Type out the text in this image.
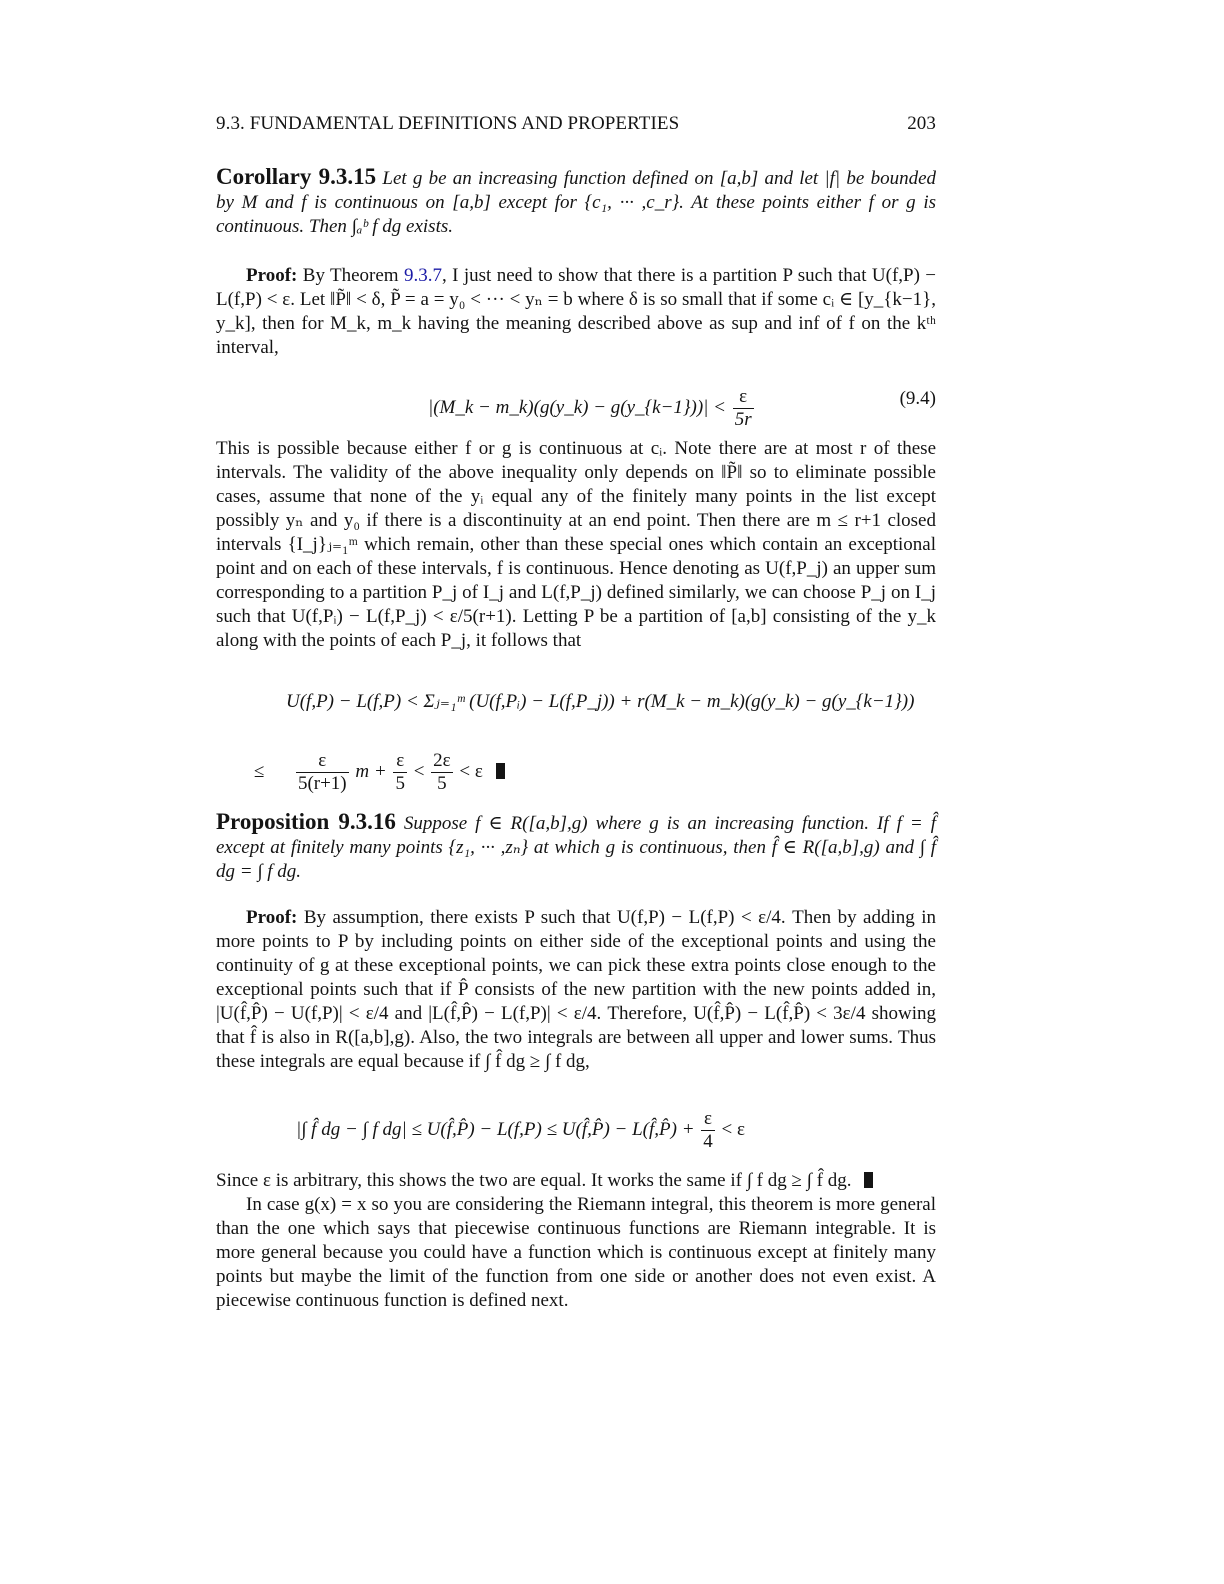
9.3. FUNDAMENTAL DEFINITIONS AND PROPERTIES	203

Corollary 9.3.15 Let g be an increasing function defined on [a,b] and let |f| be bounded by M and f is continuous on [a,b] except for {c₁, ··· ,c_r}. At these points either f or g is continuous. Then ∫ₐᵇ f dg exists.

Proof: By Theorem 9.3.7, I just need to show that there is a partition P such that U(f,P) − L(f,P) < ε. Let ‖P̃‖ < δ, P̃ = a = y₀ < ··· < yₙ = b where δ is so small that if some cᵢ ∈ [y_{k−1}, y_k], then for M_k, m_k having the meaning described above as sup and inf of f on the kᵗʰ interval,

|(M_k − m_k)(g(y_k) − g(y_{k−1}))| < $\frac{\varepsilon}{5r}$	(9.4)

This is possible because either f or g is continuous at cᵢ. Note there are at most r of these intervals. The validity of the above inequality only depends on ‖P̃‖ so to eliminate possible cases, assume that none of the yᵢ equal any of the finitely many points in the list except possibly yₙ and y₀ if there is a discontinuity at an end point. Then there are m ≤ r+1 closed intervals {I_j}ⱼ₌₁ᵐ which remain, other than these special ones which contain an exceptional point and on each of these intervals, f is continuous. Hence denoting as U(f,P_j) an upper sum corresponding to a partition P_j of I_j and L(f,P_j) defined similarly, we can choose P_j on I_j such that U(f,Pᵢ) − L(f,P_j) < ε/5(r+1). Letting P be a partition of [a,b] consisting of the y_k along with the points of each P_j, it follows that

U(f,P) − L(f,P) < Σⱼ₌₁ᵐ (U(f,Pᵢ) − L(f,P_j)) + r(M_k − m_k)(g(y_k) − g(y_{k−1}))
≤ $\frac{\varepsilon}{5(r+1)}$ $m + \frac{\varepsilon}{5} < \frac{2\varepsilon}{5} < \varepsilon$

Proposition 9.3.16 Suppose f ∈ R([a,b],g) where g is an increasing function. If f = f̂ except at finitely many points {z₁, ··· ,zₙ} at which g is continuous, then f̂ ∈ R([a,b],g) and ∫ f̂ dg = ∫ f dg.

Proof: By assumption, there exists P such that U(f,P) − L(f,P) < ε/4. Then by adding in more points to P by including points on either side of the exceptional points and using the continuity of g at these exceptional points, we can pick these extra points close enough to the exceptional points such that if P̂ consists of the new partition with the new points added in, |U(f̂,P̂) − U(f,P)| < ε/4 and |L(f̂,P̂) − L(f,P)| < ε/4. Therefore, U(f̂,P̂) − L(f̂,P̂) < 3ε/4 showing that f̂ is also in R([a,b],g). Also, the two integrals are between all upper and lower sums. Thus these integrals are equal because if ∫ f̂ dg ≥ ∫ f dg,

|∫ f̂ dg − ∫ f dg| ≤ U(f̂,P̂) − L(f,P) ≤ U(f̂,P̂) − L(f̂,P̂) + $\frac{\varepsilon}{4} < \varepsilon$

Since ε is arbitrary, this shows the two are equal. It works the same if ∫ f dg ≥ ∫ f̂ dg.

In case g(x) = x so you are considering the Riemann integral, this theorem is more general than the one which says that piecewise continuous functions are Riemann integrable. It is more general because you could have a function which is continuous except at finitely many points but maybe the limit of the function from one side or another does not even exist. A piecewise continuous function is defined next.
